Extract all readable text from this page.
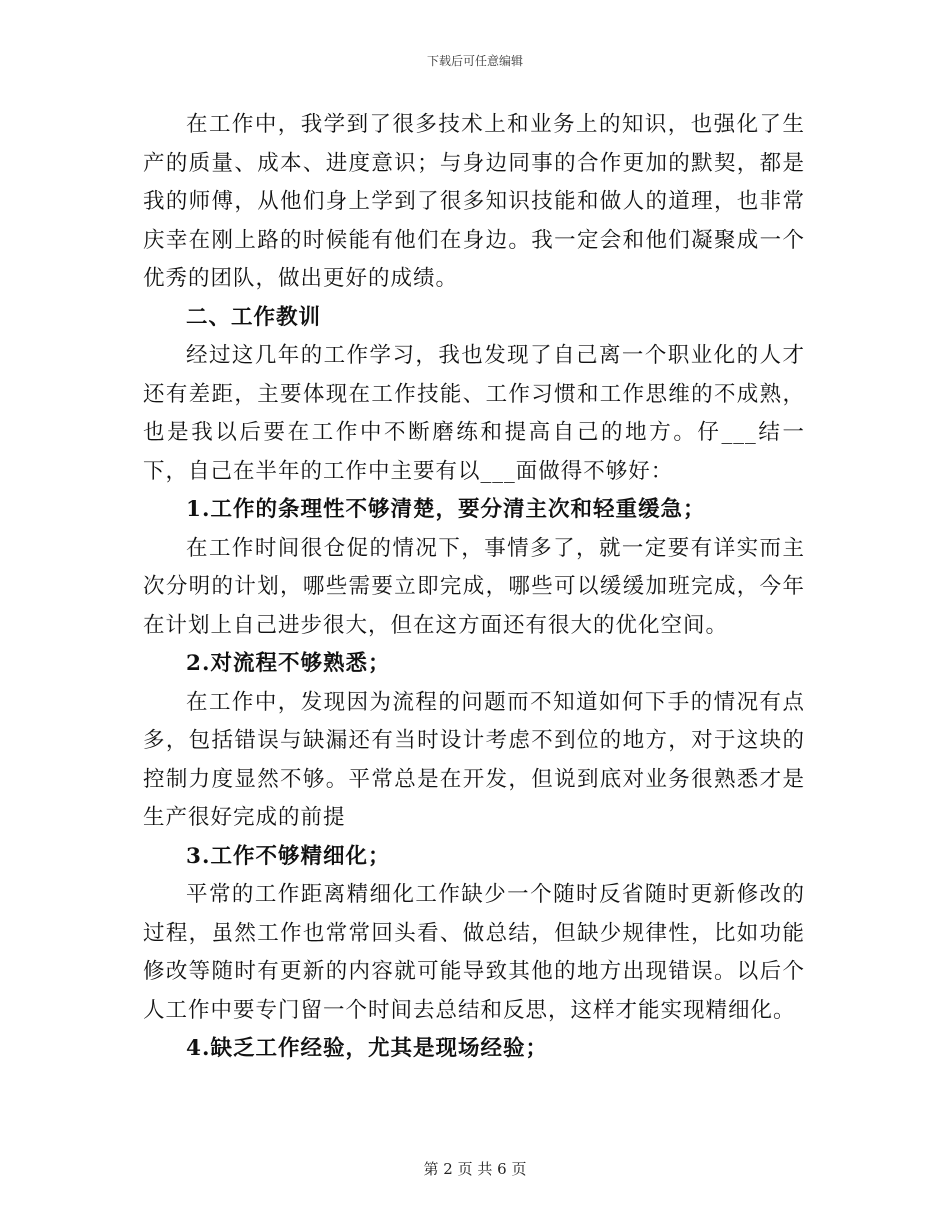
下载后可任意编辑

在工作中，我学到了很多技术上和业务上的知识，也强化了生产的质量、成本、进度意识；与身边同事的合作更加的默契，都是我的师傅，从他们身上学到了很多知识技能和做人的道理，也非常庆幸在刚上路的时候能有他们在身边。我一定会和他们凝聚成一个优秀的团队，做出更好的成绩。

二、工作教训

经过这几年的工作学习，我也发现了自己离一个职业化的人才还有差距，主要体现在工作技能、工作习惯和工作思维的不成熟，也是我以后要在工作中不断磨练和提高自己的地方。仔___结一下，自己在半年的工作中主要有以___面做得不够好：

1.工作的条理性不够清楚，要分清主次和轻重缓急；

在工作时间很仓促的情况下，事情多了，就一定要有详实而主次分明的计划，哪些需要立即完成，哪些可以缓缓加班完成，今年在计划上自己进步很大，但在这方面还有很大的优化空间。

2.对流程不够熟悉；

在工作中，发现因为流程的问题而不知道如何下手的情况有点多，包括错误与缺漏还有当时设计考虑不到位的地方，对于这块的控制力度显然不够。平常总是在开发，但说到底对业务很熟悉才是生产很好完成的前提

3.工作不够精细化；

平常的工作距离精细化工作缺少一个随时反省随时更新修改的过程，虽然工作也常常回头看、做总结，但缺少规律性，比如功能修改等随时有更新的内容就可能导致其他的地方出现错误。以后个人工作中要专门留一个时间去总结和反思，这样才能实现精细化。

4.缺乏工作经验，尤其是现场经验；

第 2 页 共 6 页
